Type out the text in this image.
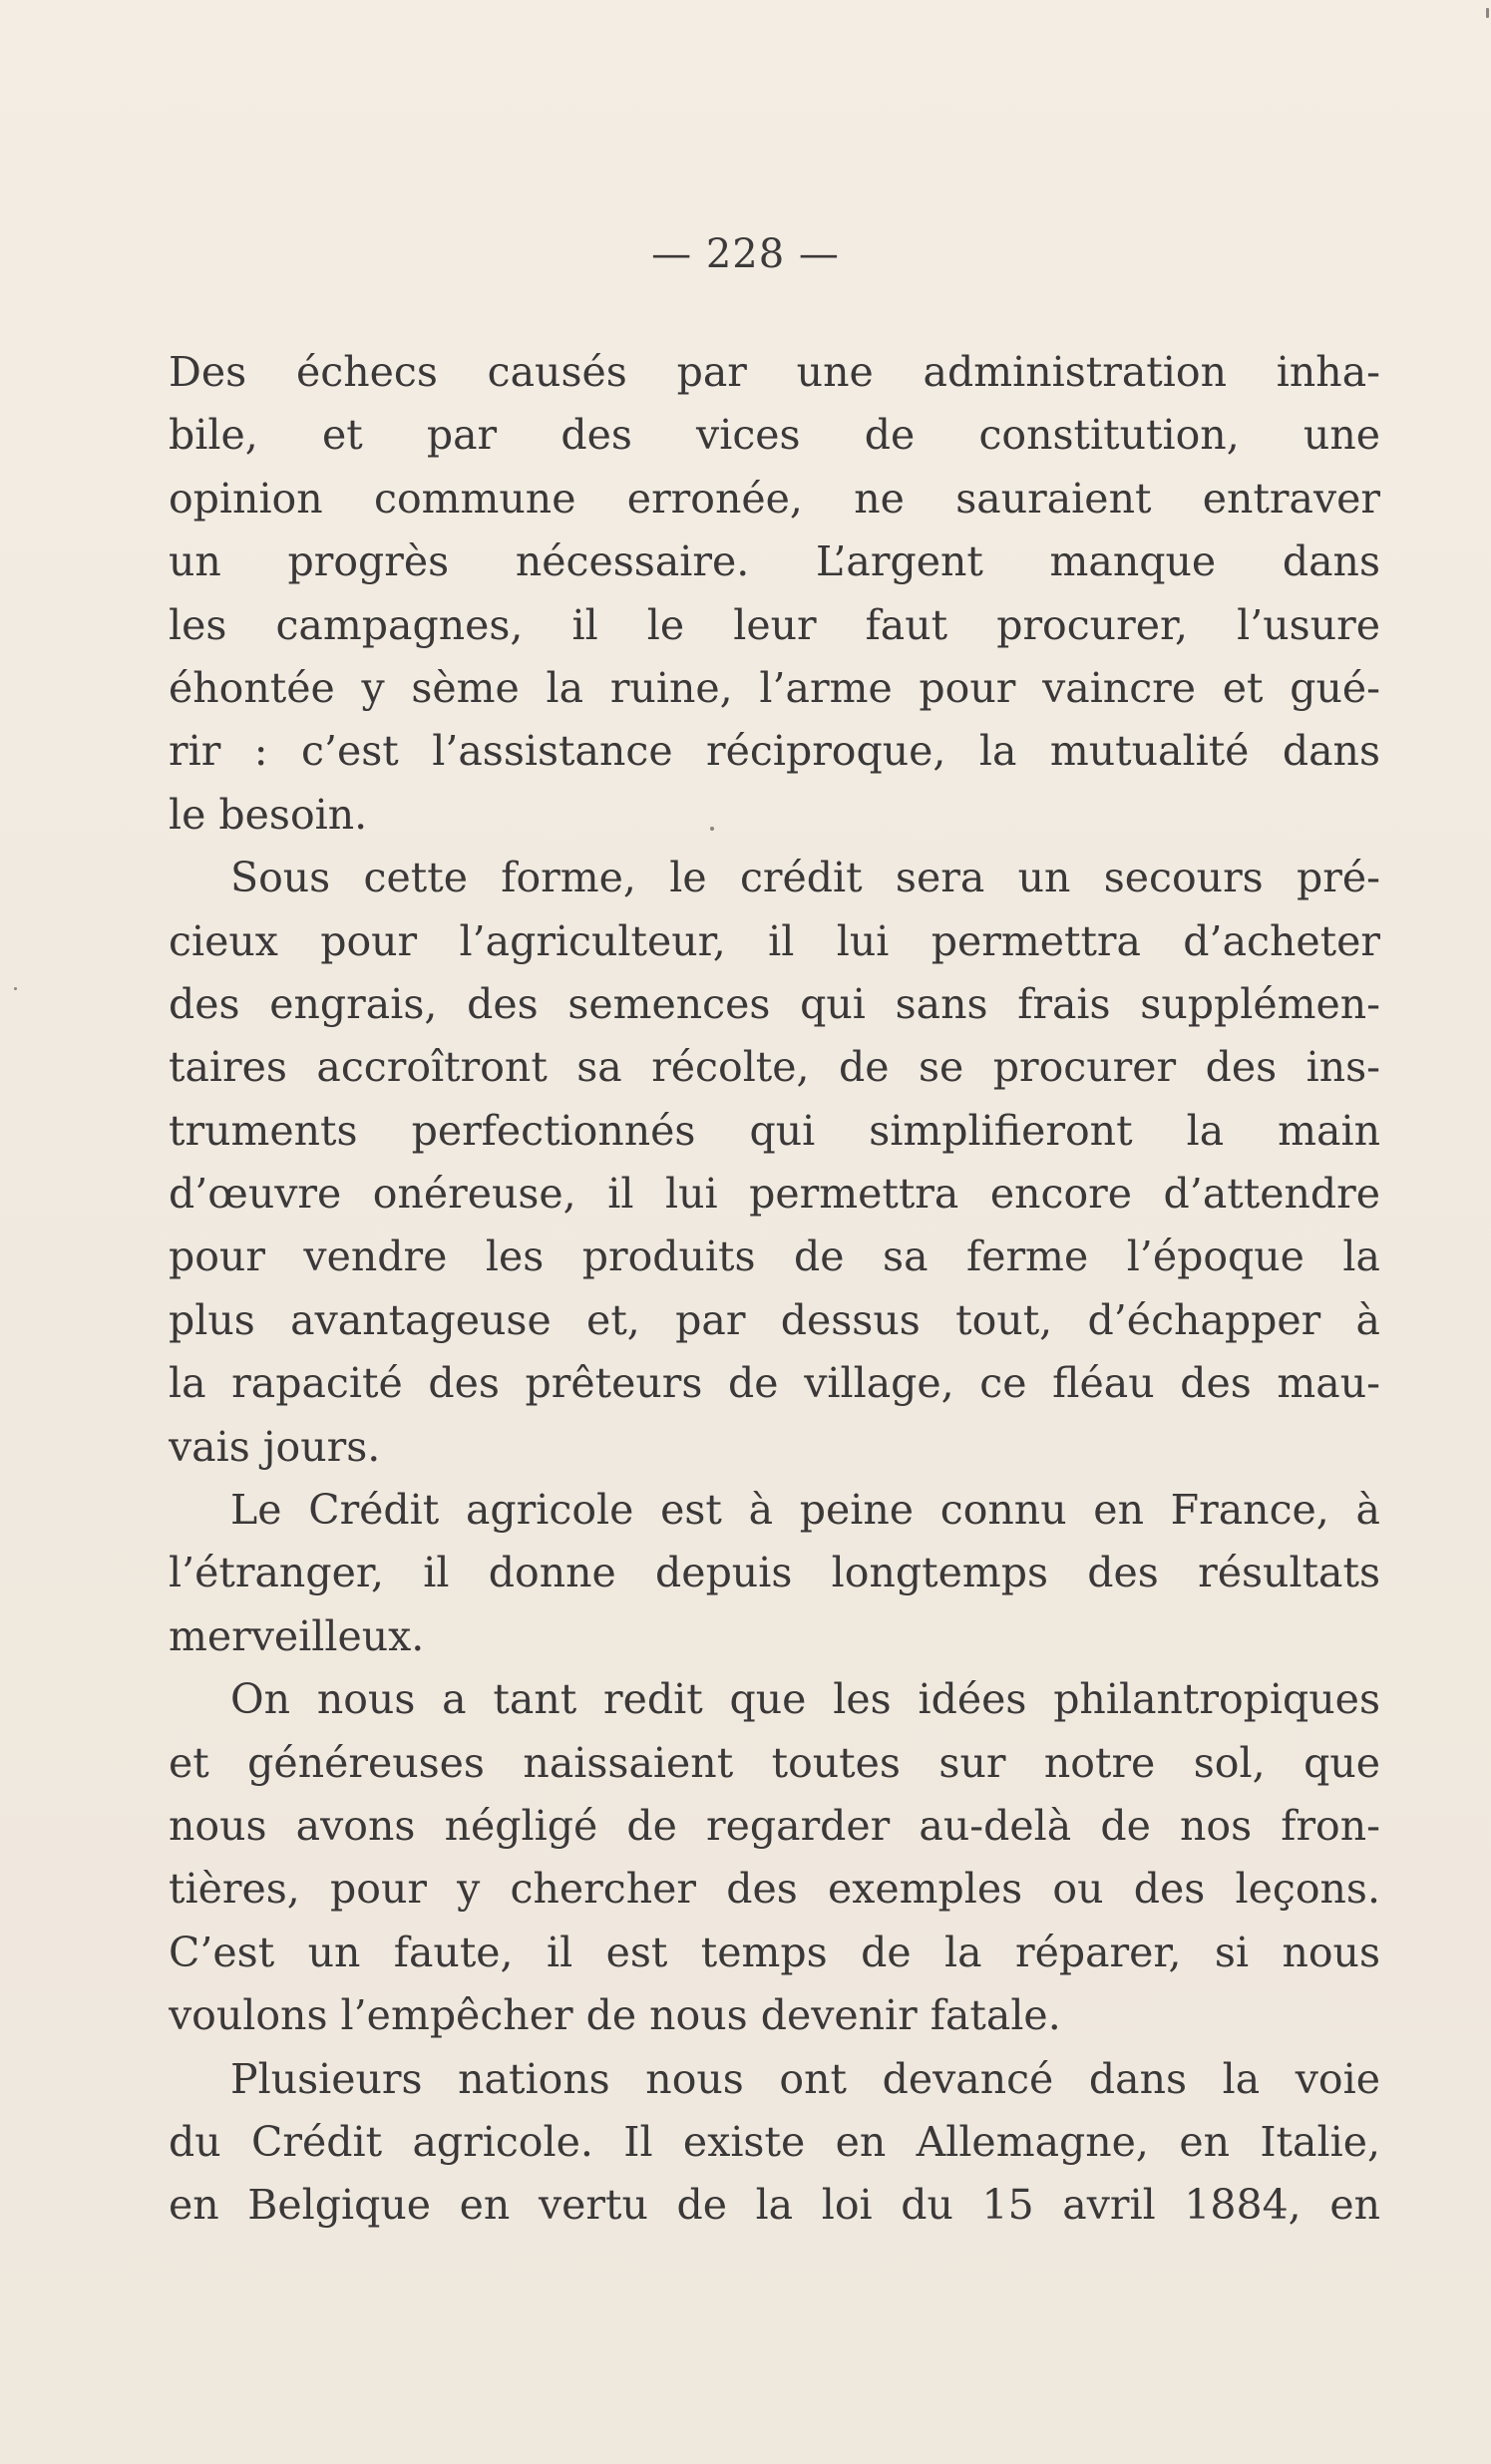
— 228 —
Des échecs causés par une administration inha-
bile, et par des vices de constitution, une
opinion commune erronée, ne sauraient entraver
un progrès nécessaire. L’argent manque dans
les campagnes, il le leur faut procurer, l’usure
éhontée y sème la ruine, l’arme pour vaincre et gué-
rir : c’est l’assistance réciproque, la mutualité dans
le besoin.
Sous cette forme, le crédit sera un secours pré-
cieux pour l’agriculteur, il lui permettra d’acheter
des engrais, des semences qui sans frais supplémen-
taires accroîtront sa récolte, de se procurer des ins-
truments perfectionnés qui simplifieront la main
d’œuvre onéreuse, il lui permettra encore d’attendre
pour vendre les produits de sa ferme l’époque la
plus avantageuse et, par dessus tout, d’échapper à
la rapacité des prêteurs de village, ce fléau des mau-
vais jours.
Le Crédit agricole est à peine connu en France, à
l’étranger, il donne depuis longtemps des résultats
merveilleux.
On nous a tant redit que les idées philantropiques
et généreuses naissaient toutes sur notre sol, que
nous avons négligé de regarder au-delà de nos fron-
tières, pour y chercher des exemples ou des leçons.
C’est un faute, il est temps de la réparer, si nous
voulons l’empêcher de nous devenir fatale.
Plusieurs nations nous ont devancé dans la voie
du Crédit agricole. Il existe en Allemagne, en Italie,
en Belgique en vertu de la loi du 15 avril 1884, en
